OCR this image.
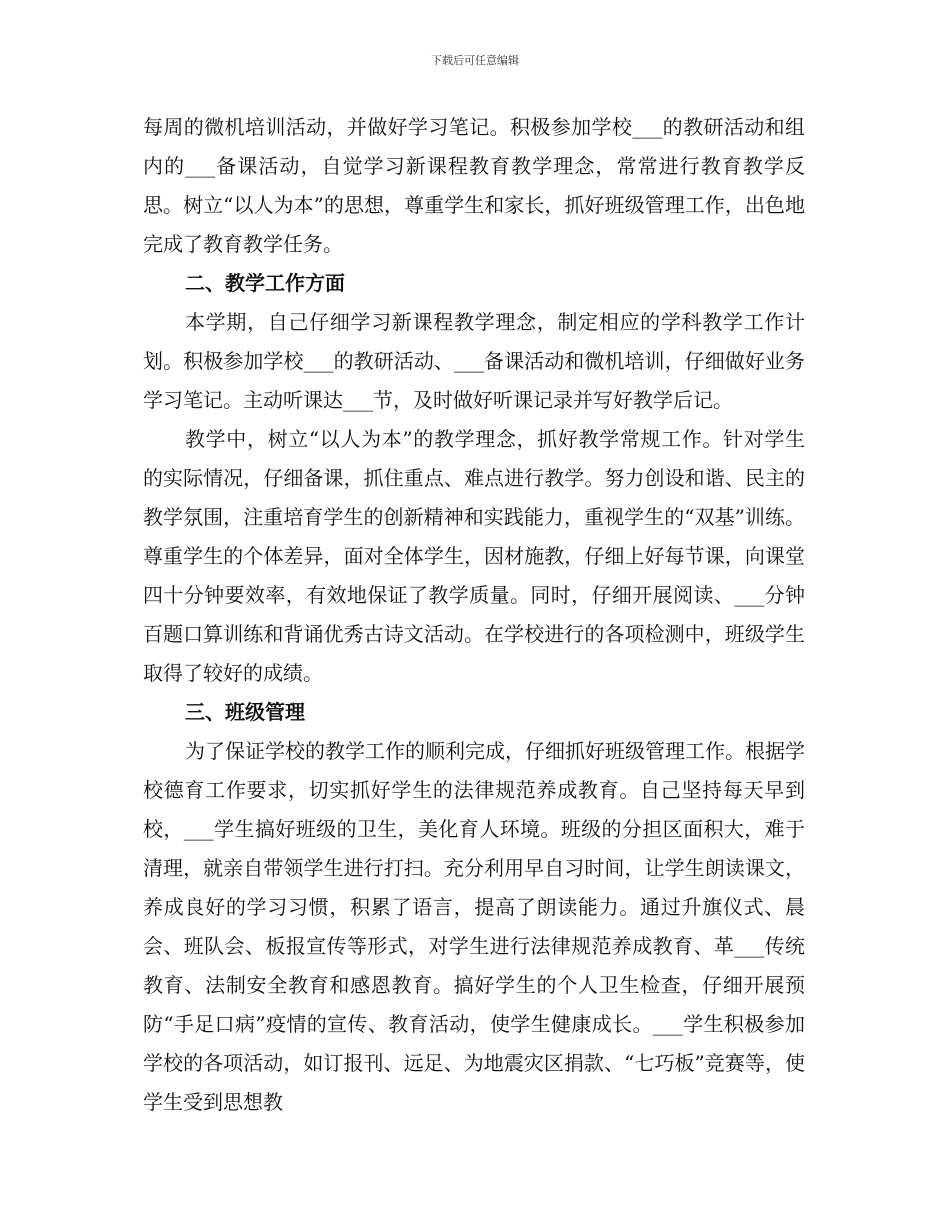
下载后可任意编辑

每周的微机培训活动，并做好学习笔记。积极参加学校___的教研活动和组内的___备课活动，自觉学习新课程教育教学理念，常常进行教育教学反思。树立“以人为本”的思想，尊重学生和家长，抓好班级管理工作，出色地完成了教育教学任务。

二、教学工作方面

本学期，自己仔细学习新课程教学理念，制定相应的学科教学工作计划。积极参加学校___的教研活动、___备课活动和微机培训，仔细做好业务学习笔记。主动听课达___节，及时做好听课记录并写好教学后记。

教学中，树立“以人为本”的教学理念，抓好教学常规工作。针对学生的实际情况，仔细备课，抓住重点、难点进行教学。努力创设和谐、民主的教学氛围，注重培育学生的创新精神和实践能力，重视学生的“双基”训练。尊重学生的个体差异，面对全体学生，因材施教，仔细上好每节课，向课堂四十分钟要效率，有效地保证了教学质量。同时，仔细开展阅读、___分钟百题口算训练和背诵优秀古诗文活动。在学校进行的各项检测中，班级学生取得了较好的成绩。

三、班级管理

为了保证学校的教学工作的顺利完成，仔细抓好班级管理工作。根据学校德育工作要求，切实抓好学生的法律规范养成教育。自己坚持每天早到校，___学生搞好班级的卫生，美化育人环境。班级的分担区面积大，难于清理，就亲自带领学生进行打扫。充分利用早自习时间，让学生朗读课文，养成良好的学习习惯，积累了语言，提高了朗读能力。通过升旗仪式、晨会、班队会、板报宣传等形式，对学生进行法律规范养成教育、革___传统教育、法制安全教育和感恩教育。搞好学生的个人卫生检查，仔细开展预防“手足口病”疫情的宣传、教育活动，使学生健康成长。___学生积极参加学校的各项活动，如订报刊、远足、为地震灾区捐款、“七巧板”竞赛等，使学生受到思想教
